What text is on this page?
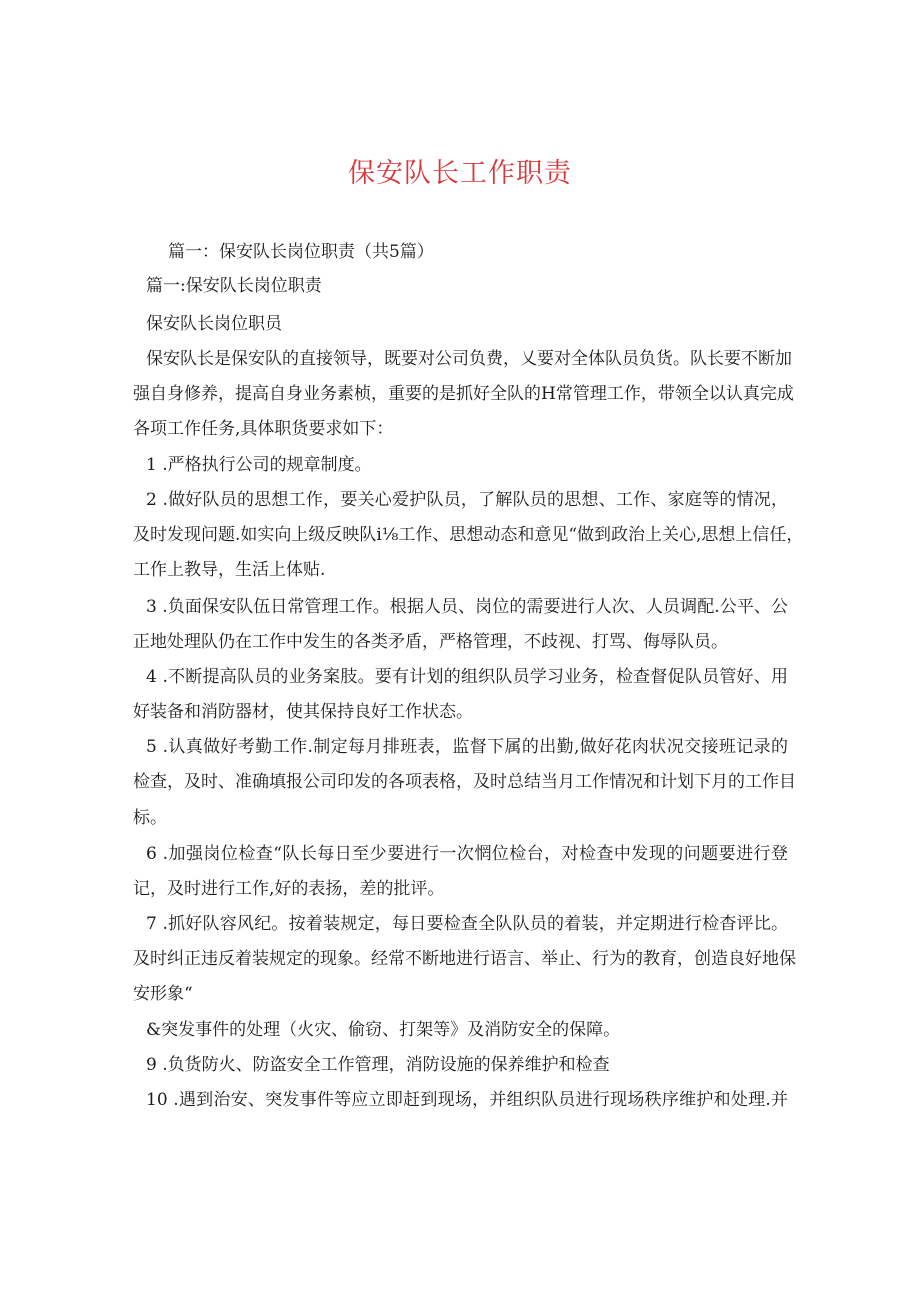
保安队长工作职责
篇一：保安队长岗位职责（共5篇）
篇一:保安队长岗位职责
保安队长岗位职员
保安队长是保安队的直接领导，既要对公司负费，乂要对全体队员负货。队长要不断加
强自身修养，提高自身业务素桢，重要的是抓好全队的H常管理工作，带领全以认真完成
各项工作任务,具体职货要求如下：
1 .严格执行公司的规章制度。
2 .做好队员的思想工作，要关心爱护队员，了解队员的思想、工作、家庭等的情况，
及时发现问题.如实向上级反映队i⅛工作、思想动态和意见“做到政治上关心,思想上信任，
工作上教导，生活上体贴.
3 .负面保安队伍日常管理工作。根据人员、岗位的需要进行人次、人员调配.公平、公
正地处理队仍在工作中发生的各类矛盾，严格管理，不歧视、打骂、侮辱队员。
4 .不断提高队员的业务案肢。要有计划的组织队员学习业务，检查督促队员管好、用
好装备和消防器材，使其保持良好工作状态。
5 .认真做好考勤工作.制定每月排班表，监督下属的出勤,做好花肉状况交接班记录的
检查，及时、准确填报公司印发的各项表格，及时总结当月工作情况和计划下月的工作目
标。
6 .加强岗位检查“队长每日至少要进行一次惘位检台，对检查中发现的问题要进行登
记，及时进行工作,好的表扬，差的批评。
7 .抓好队容风纪。按着装规定，每日要检查全队队员的着装，并定期进行检杳评比。
及时纠正违反着装规定的现象。经常不断地进行语言、举止、行为的教育，创造良好地保
安形象“
&突发事件的处理（火灾、偷窃、打架等》及消防安全的保障。
9 .负货防火、防盗安全工作管理，消防设施的保养维护和检查
10 .遇到治安、突发事件等应立即赶到现场，并组织队员进行现场秩序维护和处理.并
